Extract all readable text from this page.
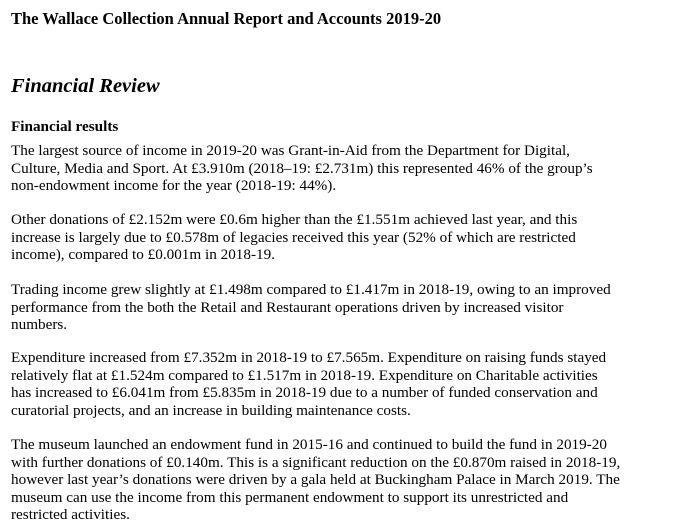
The Wallace Collection Annual Report and Accounts 2019-20
Financial Review
Financial results

The largest source of income in 2019-20 was Grant-in-Aid from the Department for Digital,
Culture, Media and Sport. At £3.910m (2018–19: £2.731m) this represented 46% of the group’s
non-endowment income for the year (2018-19: 44%).

Other donations of £2.152m were £0.6m higher than the £1.551m achieved last year, and this
increase is largely due to £0.578m of legacies received this year (52% of which are restricted
income), compared to £0.001m in 2018-19.

Trading income grew slightly at £1.498m compared to £1.417m in 2018-19, owing to an improved
performance from the both the Retail and Restaurant operations driven by increased visitor
numbers.

Expenditure increased from £7.352m in 2018-19 to £7.565m. Expenditure on raising funds stayed
relatively flat at £1.524m compared to £1.517m in 2018-19. Expenditure on Charitable activities
has increased to £6.041m from £5.835m in 2018-19 due to a number of funded conservation and
curatorial projects, and an increase in building maintenance costs.

The museum launched an endowment fund in 2015-16 and continued to build the fund in 2019-20
with further donations of £0.140m. This is a significant reduction on the £0.870m raised in 2018-19,
however last year’s donations were driven by a gala held at Buckingham Palace in March 2019. The
museum can use the income from this permanent endowment to support its unrestricted and
restricted activities.
